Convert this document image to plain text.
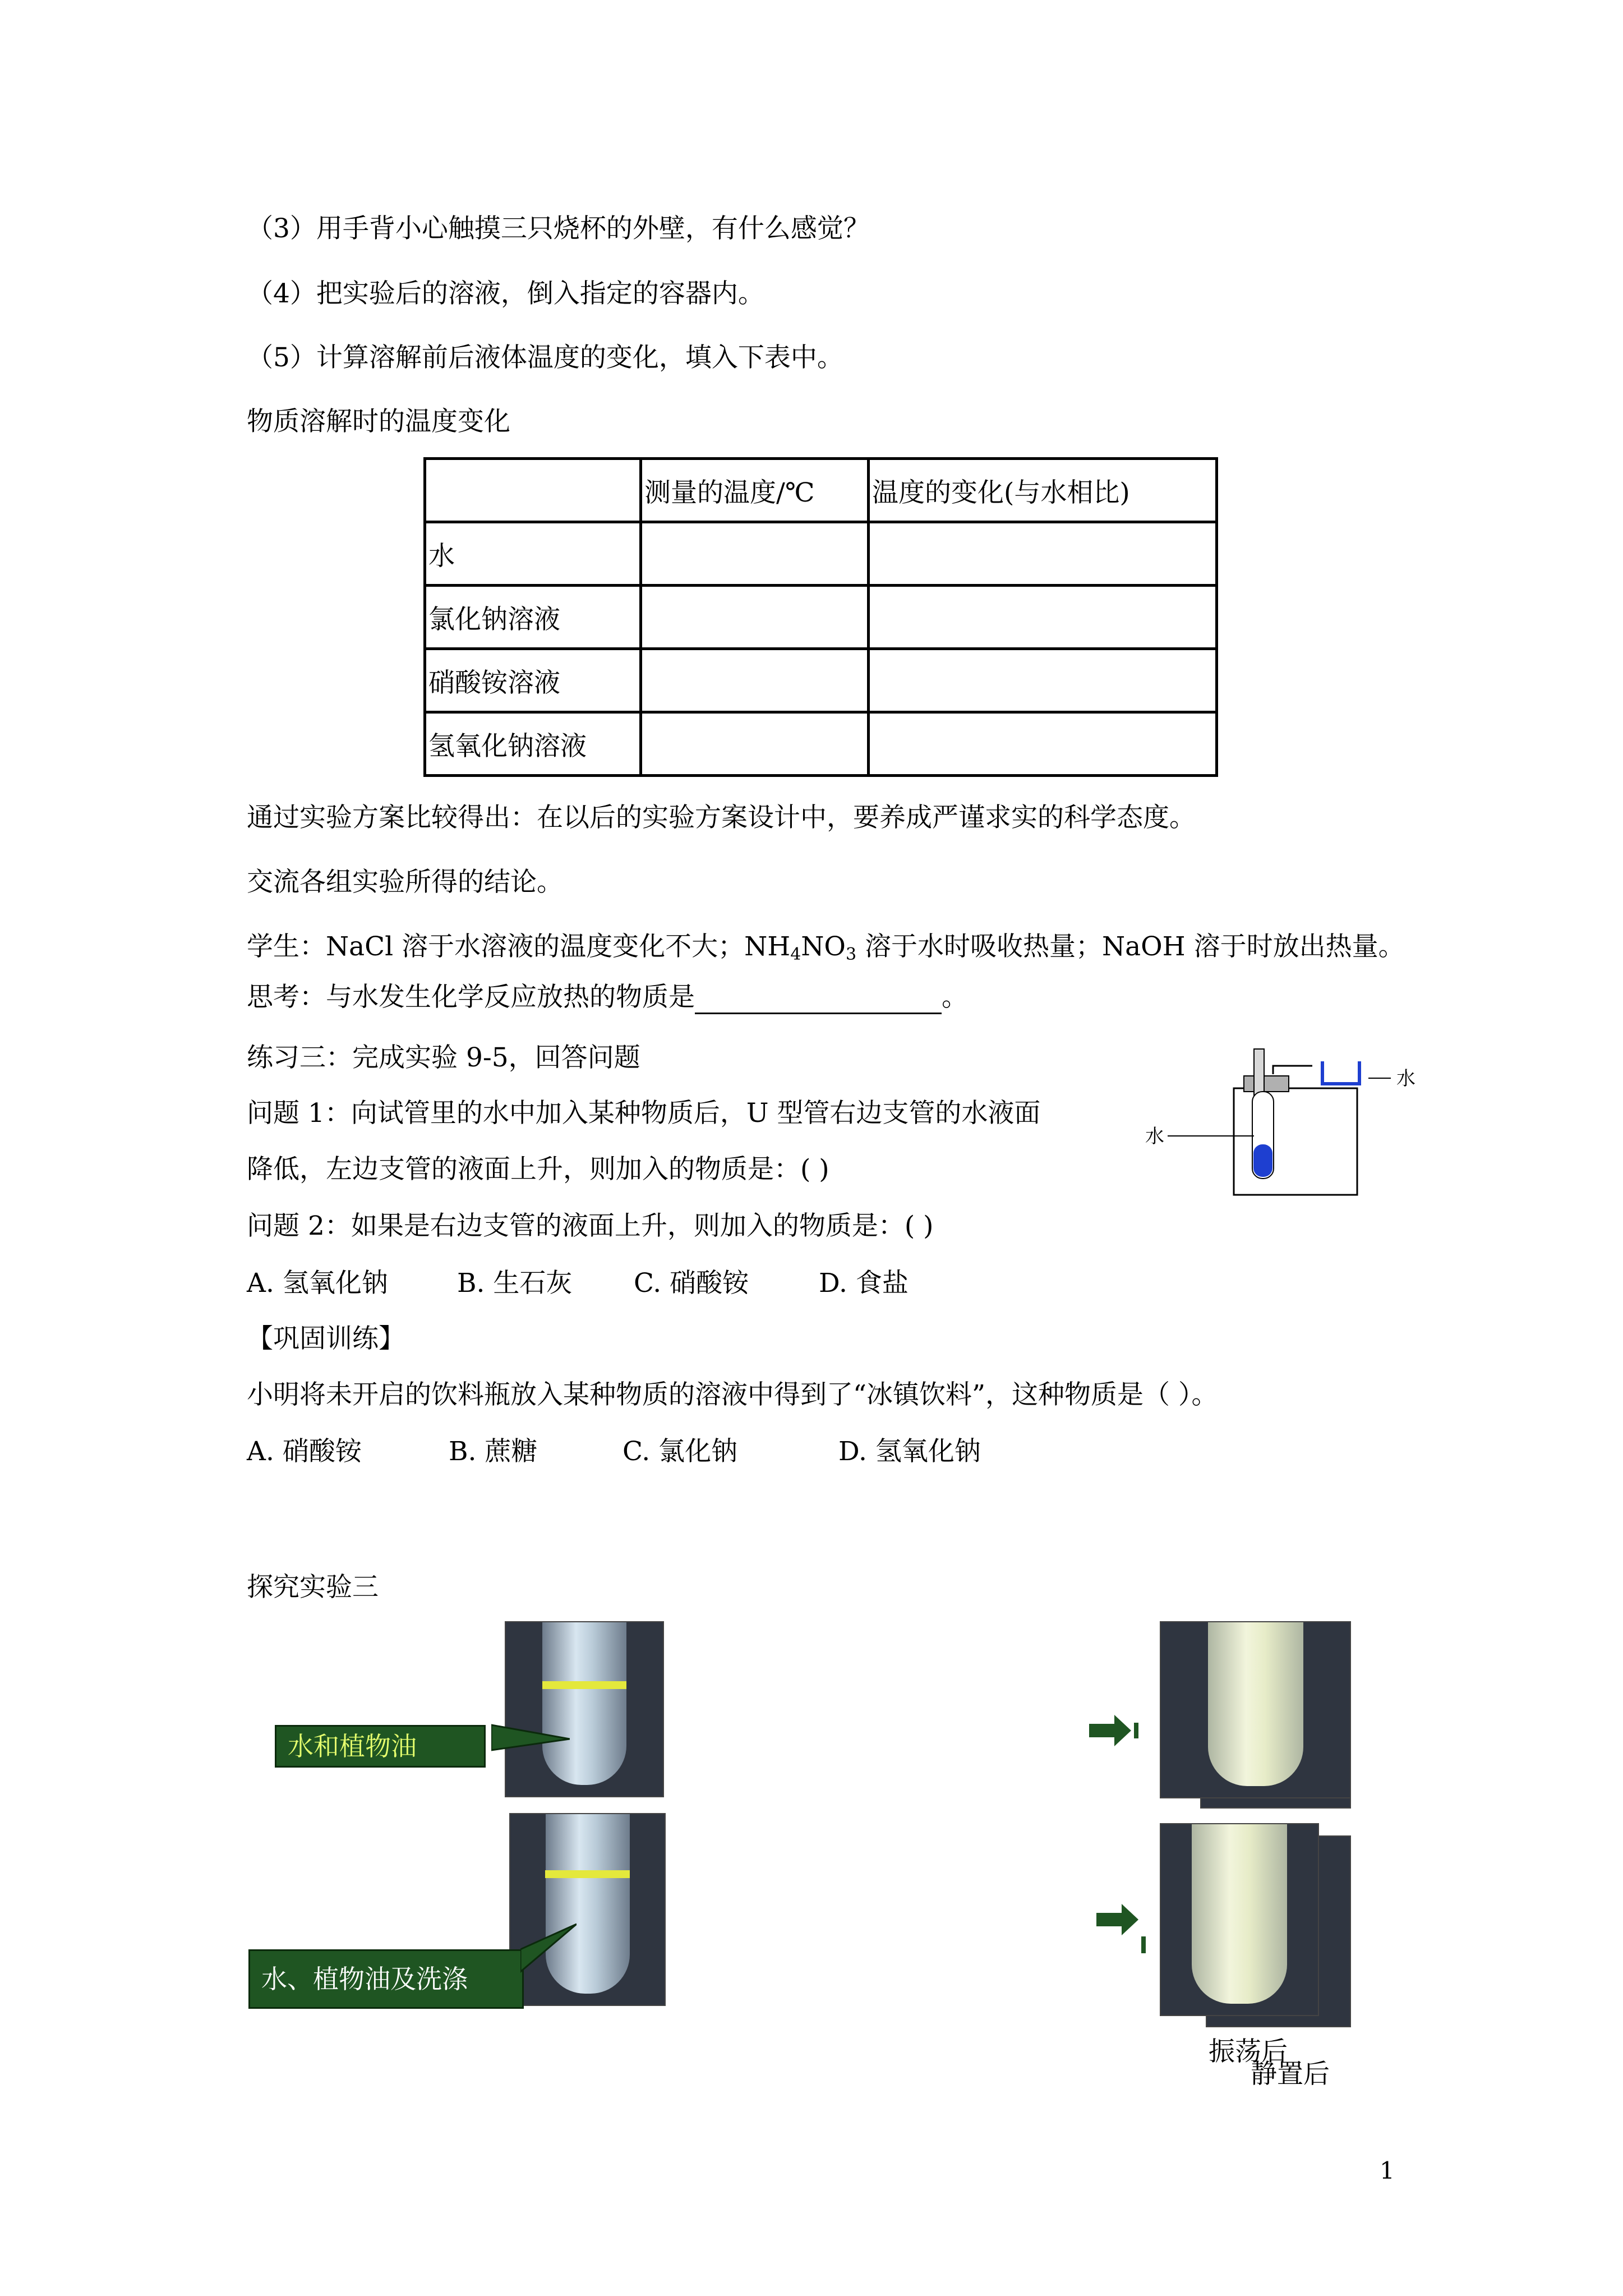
（3）用手背小心触摸三只烧杯的外壁，有什么感觉？
（4）把实验后的溶液，倒入指定的容器内。
（5）计算溶解前后液体温度的变化，填入下表中。
物质溶解时的温度变化
	测量的温度/℃	温度的变化(与水相比)
水		
氯化钠溶液		
硝酸铵溶液		
氢氧化钠溶液		
通过实验方案比较得出：在以后的实验方案设计中，要养成严谨求实的科学态度。
交流各组实验所得的结论。
学生：NaCl 溶于水溶液的温度变化不大；$NH_4NO_3$ 溶于水时吸收热量；NaOH 溶于时放出热量。
思考：与水发生化学反应放热的物质是	。
练习三：完成实验 9-5，回答问题
问题 1：向试管里的水中加入某种物质后，U 型管右边支管的水液面
降低，左边支管的液面上升，则加入的物质是：( )
问题 2：如果是右边支管的液面上升，则加入的物质是：( )
A. 氢氧化钠	B. 生石灰 C. 硝酸铵	D. 食盐
水
水
【巩固训练】
小明将未开启的饮料瓶放入某种物质的溶液中得到了“冰镇饮料”，这种物质是（ ）。
A. 硝酸铵	B. 蔗糖	C. 氯化钠	D. 氢氧化钠
探究实验三
水和植物油
水、植物油及洗涤
振荡后
静置后
1
